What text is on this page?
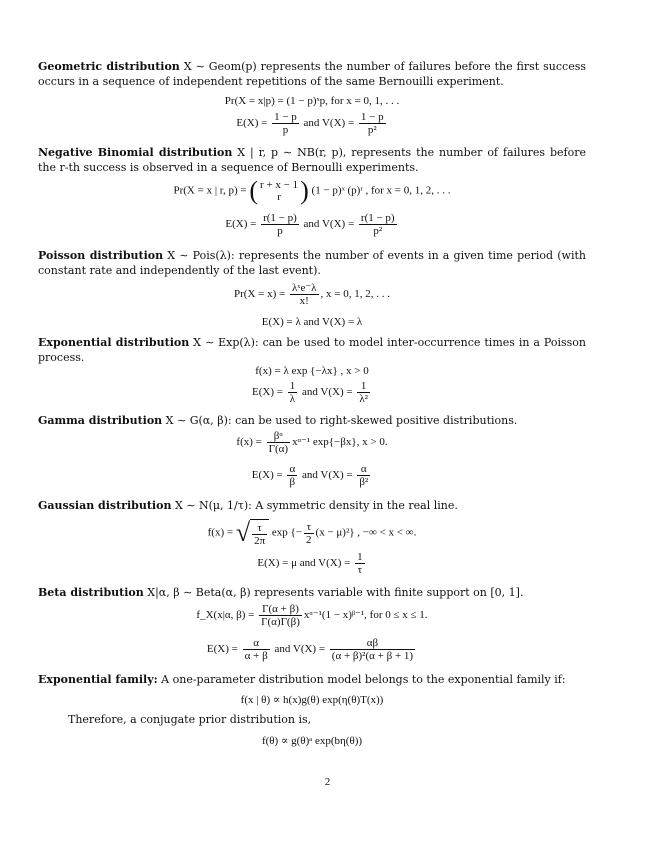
Geometric distribution X ∼ Geom(p) represents the number of failures before the first success occurs in a sequence of independent repetitions of the same Bernouilli experiment.
Pr(X = x|p) = (1 − p)ˣp, for x = 0, 1, . . .
$E(X) = \frac{1 - p}{p}$ and $V(X) = \frac{1 - p}{\text{p²}}$
Negative Binomial distribution X | r, p ∼ NB(r, p), represents the number of failures before the r-th success is observed in a sequence of Bernoulli experiments.
Pr(X = x | r, p) = ( r + x − 1
r ) (1 − p)ˣ (p)ʳ , for x = 0, 1, 2, . . .
$E(X) = \frac{r(1 - p)}{p}$ and $V(X) = \frac{r(1 - p)}{\text{p²}}$
Poisson distribution X ∼ Pois(λ): represents the number of events in a given time period (with constant rate and independently of the last event).
$Pr(X = x) = \frac{\text{λˣe⁻λ}}{x!}$ , x = 0, 1, 2, . . .
E(X) = λ and V(X) = λ
Exponential distribution X ∼ Exp(λ): can be used to model inter-occurrence times in a Poisson process.
f(x) = λ exp {−λx} , x > 0
$E(X) = \frac{1}{\lambda}$ and $V(X) = \frac{1}{\text{λ²}}$
Gamma distribution X ∼ G(α, β): can be used to right-skewed positive distributions.
$f(x) = \frac{\text{βᵅ}}{\Gamma(\alpha)}$ xᵅ⁻¹ exp{−βx}, x > 0.
$E(X) = \frac{\alpha}{\beta}$ and $V(X) = \frac{\alpha}{\text{β²}}$
Gaussian distribution X ∼ N(μ, 1/τ): A symmetric density in the real line.
f(x) = √ $\frac{\tau}{2\pi}$ exp {− $\frac{\tau}{2} (x - \mu)^2$} , −∞ < x < ∞.
E(X) = μ and $V(X) = \frac{1}{\tau}$
Beta distribution X|α, β ∼ Beta(α, β) represents variable with finite support on [0, 1].
f_X(x|α, $\beta) = \frac{\Gamma(\alpha + \beta)}{\Gamma(\alpha)\Gamma(\beta)}$ xᵅ⁻¹(1 − x)ᵝ⁻¹, for 0 ≤ x ≤ 1.
$E(X) = \frac{\alpha}{\alpha + \beta}$ and $V(X) = \frac{\alpha\beta}{\text{(α + β)²(α + β + 1)}}$
Exponential family: A one-parameter distribution model belongs to the exponential family if:
f(x | θ) ∝ h(x)g(θ) exp(η(θ)T(x))
Therefore, a conjugate prior distribution is,
f(θ) ∝ g(θ)ᵃ exp(bη(θ))
2
